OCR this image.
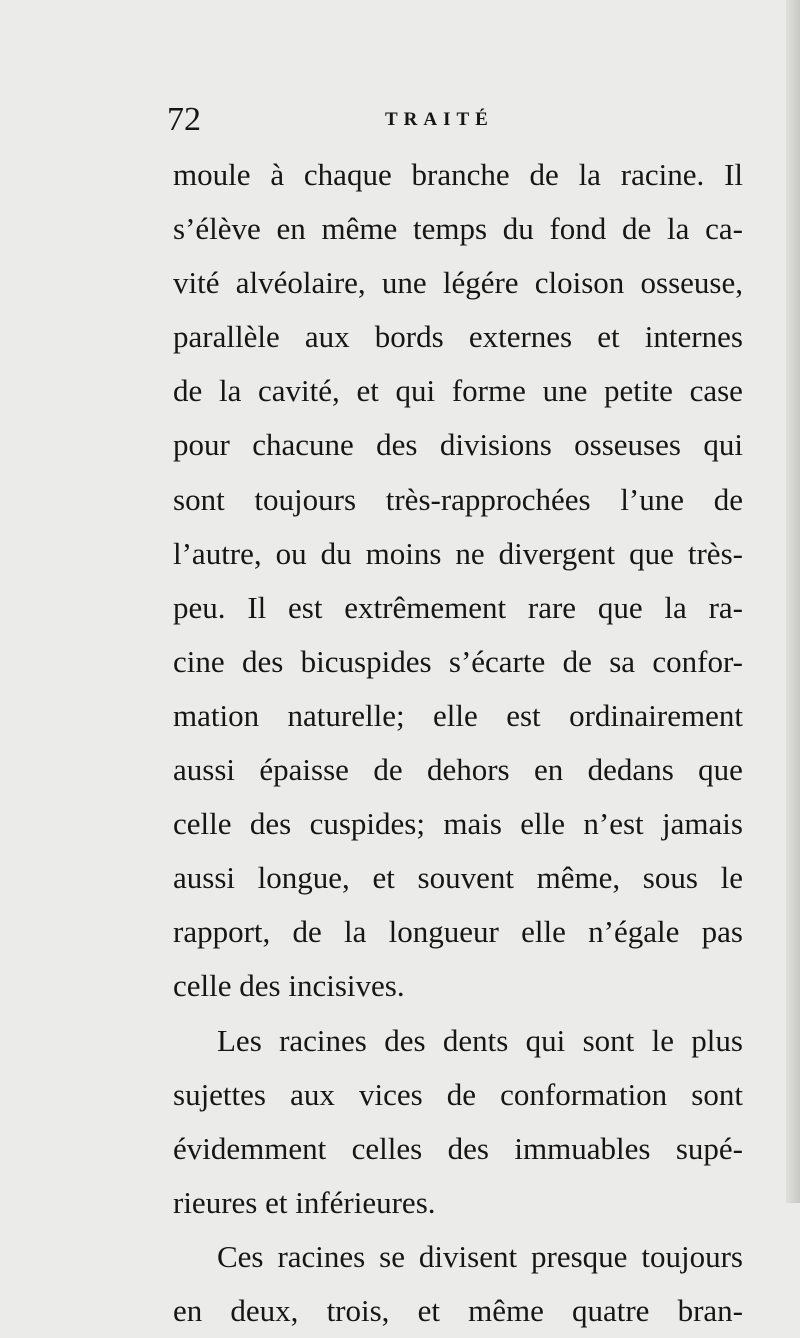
72	TRAITÉ
moule à chaque branche de la racine. Il
s’élève en même temps du fond de la ca-
vité alvéolaire, une légére cloison osseuse,
parallèle aux bords externes et internes
de la cavité, et qui forme une petite case
pour chacune des divisions osseuses qui
sont toujours très-rapprochées l’une de
l’autre, ou du moins ne divergent que très-
peu. Il est extrêmement rare que la ra-
cine des bicuspides s’écarte de sa confor-
mation naturelle; elle est ordinairement
aussi épaisse de dehors en dedans que
celle des cuspides; mais elle n’est jamais
aussi longue, et souvent même, sous le
rapport, de la longueur elle n’égale pas
celle
des
incisives.
Les racines des dents qui sont le plus
sujettes aux vices de conformation sont
évidemment celles des immuables supé-
rieures
et
inférieures.
Ces racines se divisent presque toujours
en deux, trois, et même quatre bran-
